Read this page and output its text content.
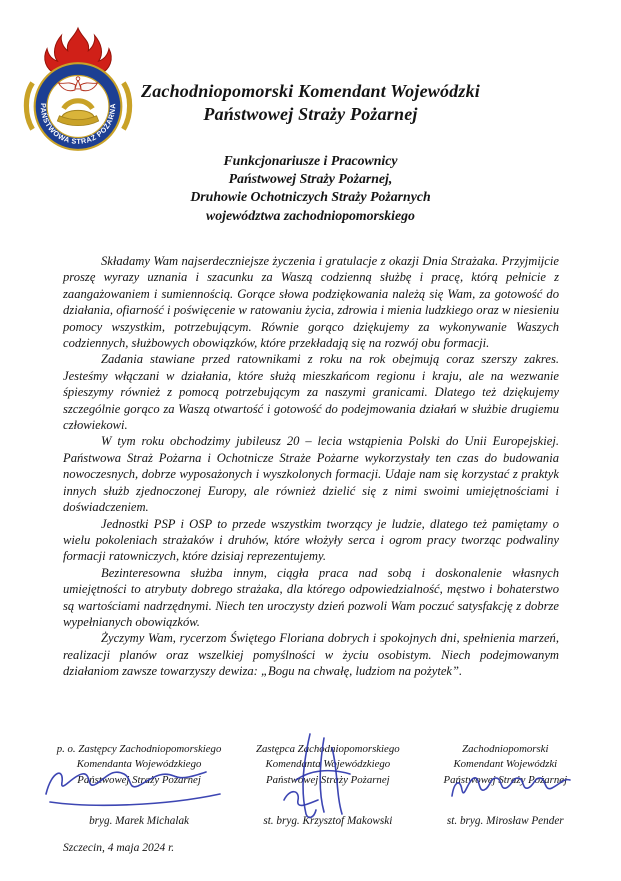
PAŃSTWOWA STRAŻ POŻARNA
Zachodniopomorski Komendant Wojewódzki
Państwowej Straży Pożarnej
Funkcjonariusze i Pracownicy
Państwowej Straży Pożarnej,
Druhowie Ochotniczych Straży Pożarnych
województwa zachodniopomorskiego

Składamy Wam najserdeczniejsze życzenia i gratulacje z okazji Dnia Strażaka. Przyjmijcie proszę wyrazy uznania i szacunku za Waszą codzienną służbę i pracę, którą pełnicie z zaangażowaniem i sumiennością. Gorące słowa podziękowania należą się Wam, za gotowość do działania, ofiarność i poświęcenie w ratowaniu życia, zdrowia i mienia ludzkiego oraz w niesieniu pomocy wszystkim, potrzebującym. Równie gorąco dziękujemy za wykonywanie Waszych codziennych, służbowych obowiązków, które przekładają się na rozwój obu formacji.

Zadania stawiane przed ratownikami z roku na rok obejmują coraz szerszy zakres. Jesteśmy włączani w działania, które służą mieszkańcom regionu i kraju, ale na wezwanie śpieszymy również z pomocą potrzebującym za naszymi granicami. Dlatego też dziękujemy szczególnie gorąco za Waszą otwartość i gotowość do podejmowania działań w służbie drugiemu człowiekowi.

W tym roku obchodzimy jubileusz 20 – lecia wstąpienia Polski do Unii Europejskiej. Państwowa Straż Pożarna i Ochotnicze Straże Pożarne wykorzystały ten czas do budowania nowoczesnych, dobrze wyposażonych i wyszkolonych formacji. Udaje nam się korzystać z praktyk innych służb zjednoczonej Europy, ale również dzielić się z nimi swoimi umiejętnościami i doświadczeniem.

Jednostki PSP i OSP to przede wszystkim tworzący je ludzie, dlatego też pamiętamy o wielu pokoleniach strażaków i druhów, które włożyły serca i ogrom pracy tworząc podwaliny formacji ratowniczych, które dzisiaj reprezentujemy.

Bezinteresowna służba innym, ciągła praca nad sobą i doskonalenie własnych umiejętności to atrybuty dobrego strażaka, dla którego odpowiedzialność, męstwo i bohaterstwo są wartościami nadrzędnymi. Niech ten uroczysty dzień pozwoli Wam poczuć satysfakcję z dobrze wypełnianych obowiązków.

Życzymy Wam, rycerzom Świętego Floriana dobrych i spokojnych dni, spełnienia marzeń, realizacji planów oraz wszelkiej pomyślności w życiu osobistym. Niech podejmowanym działaniom zawsze towarzyszy dewiza: „Bogu na chwałę, ludziom na pożytek”.

p. o. Zastępcy Zachodniopomorskiego
Komendanta Wojewódzkiego
Państwowej Straży Pożarnej
bryg. Marek Michalak
Zastępca Zachodniopomorskiego
Komendanta Wojewódzkiego
Państwowej Straży Pożarnej
st. bryg. Krzysztof Makowski
Zachodniopomorski
Komendant Wojewódzki
Państwowej Straży Pożarnej
st. bryg. Mirosław Pender
Szczecin, 4 maja 2024 r.
